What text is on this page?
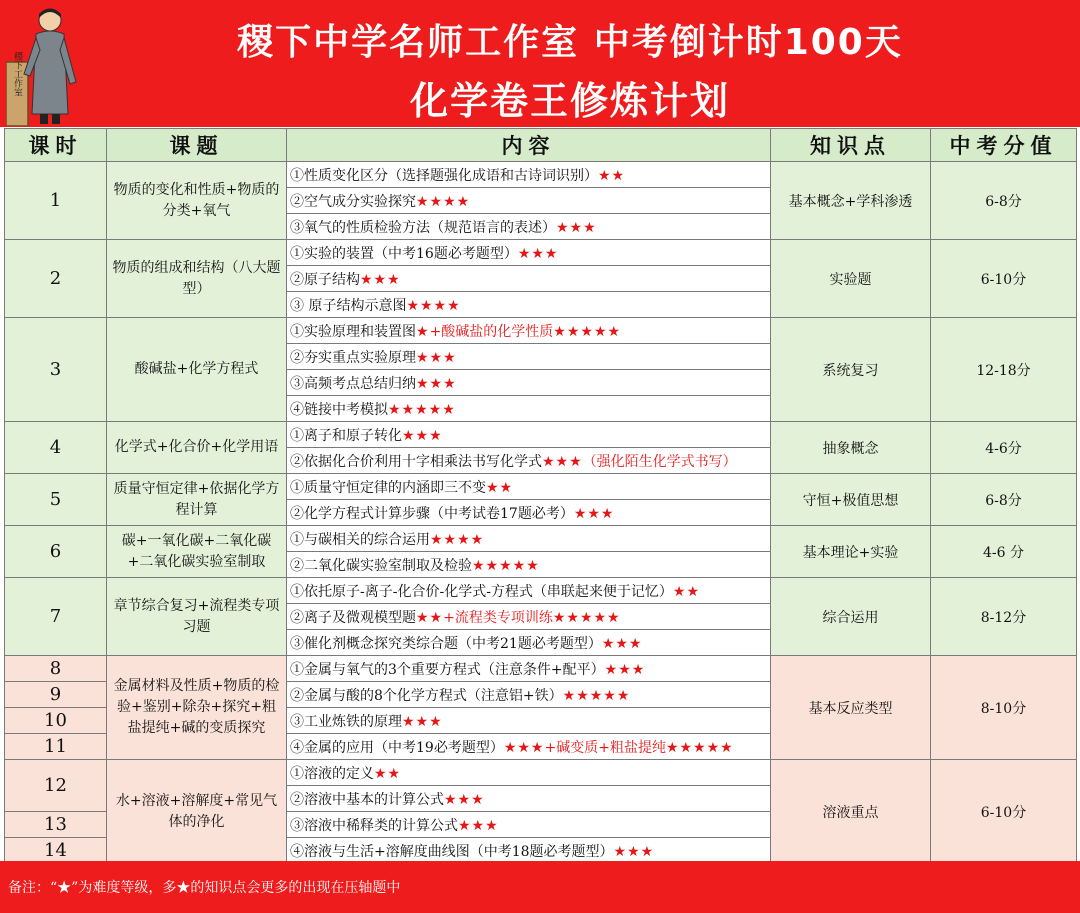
稷下工作室
稷下中学名师工作室 中考倒计时100天
化学卷王修炼计划
课时	课题	内容	知识点	中考分值
1	物质的变化和性质+物质的分类+氧气	①性质变化区分（选择题强化成语和古诗词识别）★★	基本概念+学科渗透	6-8分
		②空气成分实验探究★★★★		
		③氧气的性质检验方法（规范语言的表述）★★★		
2	物质的组成和结构（八大题型）	①实验的装置（中考16题必考题型）★★★	实验题	6-10分
		②原子结构★★★		
		③ 原子结构示意图★★★★		
3	酸碱盐+化学方程式	①实验原理和装置图★+酸碱盐的化学性质★★★★★	系统复习	12-18分
		②夯实重点实验原理★★★		
		③高频考点总结归纳★★★		
		④链接中考模拟★★★★★		
4	化学式+化合价+化学用语	①离子和原子转化★★★	抽象概念	4-6分
		②依据化合价利用十字相乘法书写化学式★★★（强化陌生化学式书写）		
5	质量守恒定律+依据化学方程计算	①质量守恒定律的内涵即三不变★★	守恒+极值思想	6-8分
		②化学方程式计算步骤（中考试卷17题必考）★★★		
6	碳+一氧化碳+二氧化碳+二氧化碳实验室制取	①与碳相关的综合运用★★★★	基本理论+实验	4-6 分
		②二氧化碳实验室制取及检验★★★★★		
7	章节综合复习+流程类专项习题	①依托原子-离子-化合价-化学式-方程式（串联起来便于记忆）★★	综合运用	8-12分
		②离子及微观模型题★★+流程类专项训练★★★★★		
		③催化剂概念探究类综合题（中考21题必考题型）★★★		
8	金属材料及性质+物质的检验+鉴别+除杂+探究+粗盐提纯+碱的变质探究	①金属与氧气的3个重要方程式（注意条件+配平）★★★	基本反应类型	8-10分
9		②金属与酸的8个化学方程式（注意铝+铁）★★★★★		
10		③工业炼铁的原理★★★		
11		④金属的应用（中考19必考题型）★★★+碱变质+粗盐提纯★★★★★		
12	水+溶液+溶解度+常见气体的净化	①溶液的定义★★	溶液重点	6-10分
		②溶液中基本的计算公式★★★		
13		③溶液中稀释类的计算公式★★★		
14		④溶液与生活+溶解度曲线图（中考18题必考题型）★★★		
备注：“★”为难度等级，多★的知识点会更多的出现在压轴题中
